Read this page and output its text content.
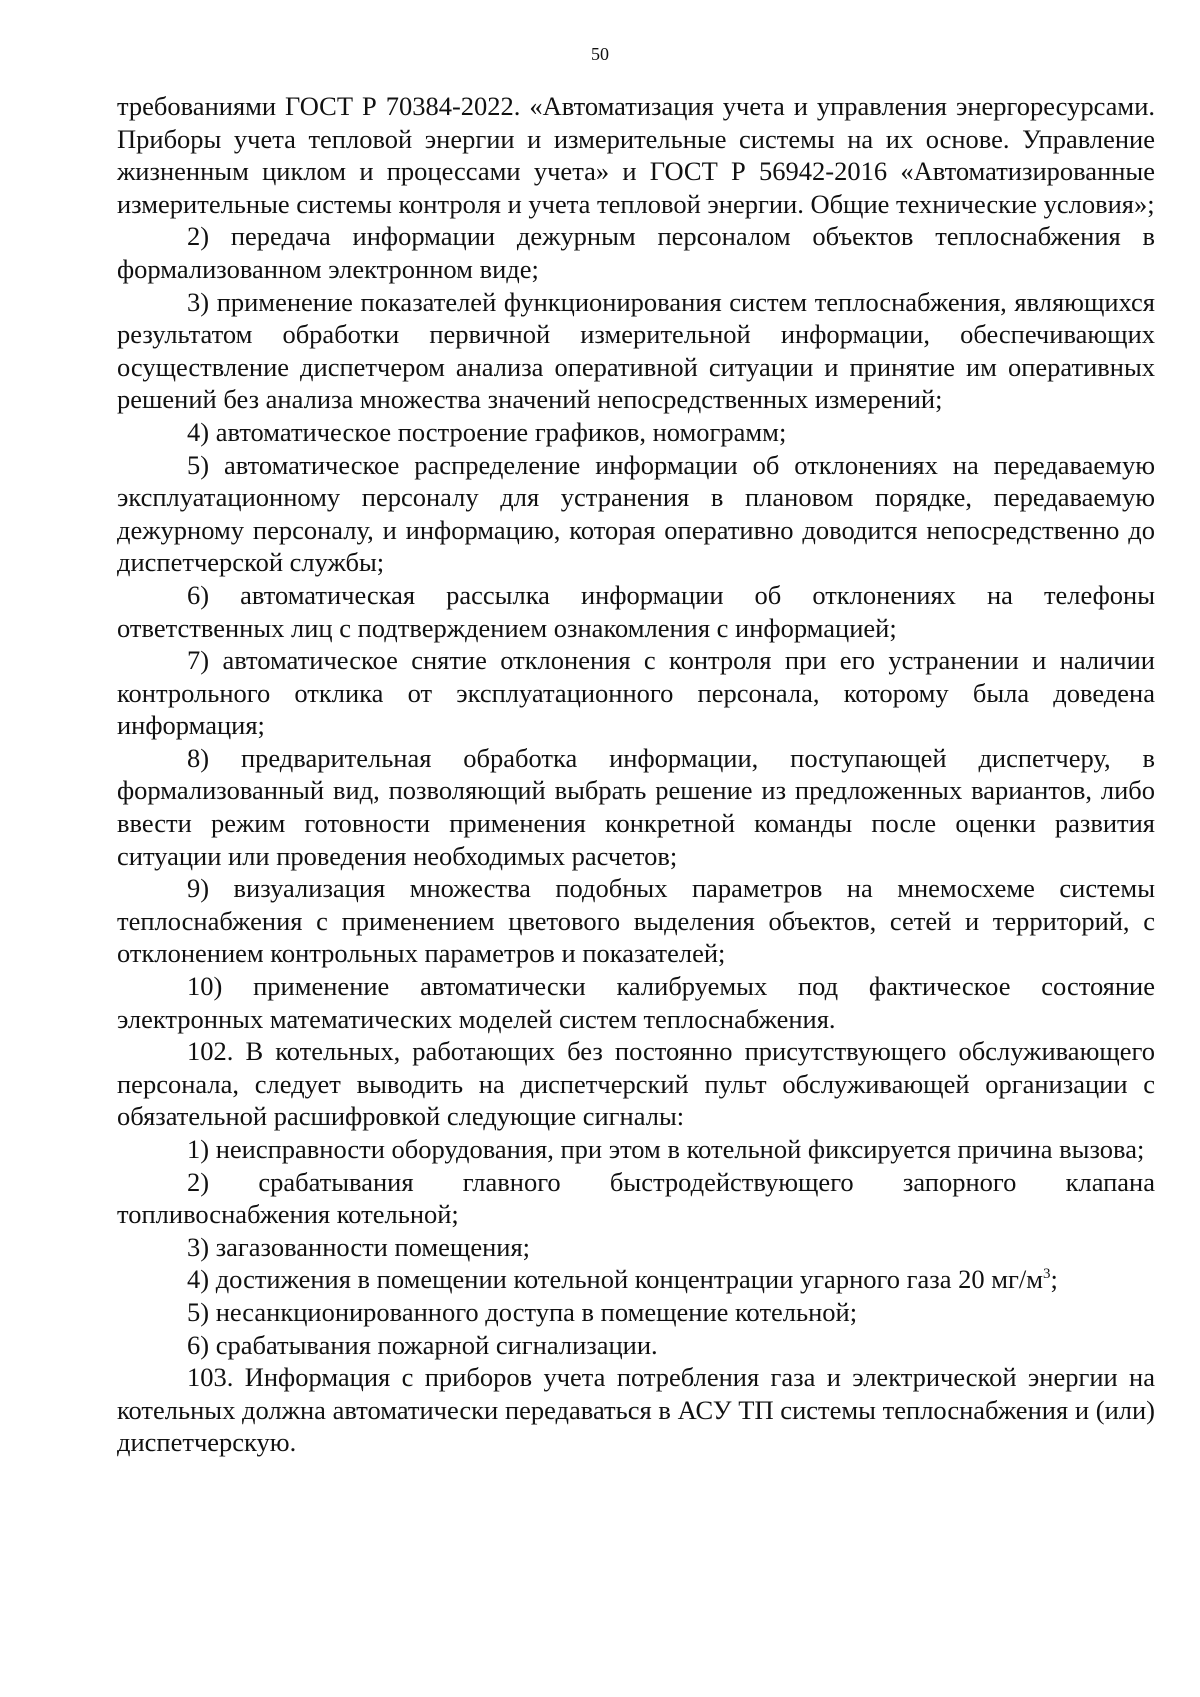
50

требованиями ГОСТ Р 70384-2022. «Автоматизация учета и управления энергоресурсами. Приборы учета тепловой энергии и измерительные системы на их основе. Управление жизненным циклом и процессами учета» и ГОСТ Р 56942-2016 «Автоматизированные измерительные системы контроля и учета тепловой энергии. Общие технические условия»;

2) передача информации дежурным персоналом объектов теплоснабжения в формализованном электронном виде;

3) применение показателей функционирования систем теплоснабжения, являющихся результатом обработки первичной измерительной информации, обеспечивающих осуществление диспетчером анализа оперативной ситуации и принятие им оперативных решений без анализа множества значений непосредственных измерений;

4) автоматическое построение графиков, номограмм;

5) автоматическое распределение информации об отклонениях на передаваемую эксплуатационному персоналу для устранения в плановом порядке, передаваемую дежурному персоналу, и информацию, которая оперативно доводится непосредственно до диспетчерской службы;

6) автоматическая рассылка информации об отклонениях на телефоны ответственных лиц с подтверждением ознакомления с информацией;

7) автоматическое снятие отклонения с контроля при его устранении и наличии контрольного отклика от эксплуатационного персонала, которому была доведена информация;

8) предварительная обработка информации, поступающей диспетчеру, в формализованный вид, позволяющий выбрать решение из предложенных вариантов, либо ввести режим готовности применения конкретной команды после оценки развития ситуации или проведения необходимых расчетов;

9) визуализация множества подобных параметров на мнемосхеме системы теплоснабжения с применением цветового выделения объектов, сетей и территорий, с отклонением контрольных параметров и показателей;

10) применение автоматически калибруемых под фактическое состояние электронных математических моделей систем теплоснабжения.

102. В котельных, работающих без постоянно присутствующего обслуживающего персонала, следует выводить на диспетчерский пульт обслуживающей организации с обязательной расшифровкой следующие сигналы:

1) неисправности оборудования, при этом в котельной фиксируется причина вызова;

2) срабатывания главного быстродействующего запорного клапана топливоснабжения котельной;

3) загазованности помещения;

4) достижения в помещении котельной концентрации угарного газа 20 $мг/м^3$;

5) несанкционированного доступа в помещение котельной;

6) срабатывания пожарной сигнализации.

103. Информация с приборов учета потребления газа и электрической энергии на котельных должна автоматически передаваться в АСУ ТП системы теплоснабжения и (или) диспетчерскую.
